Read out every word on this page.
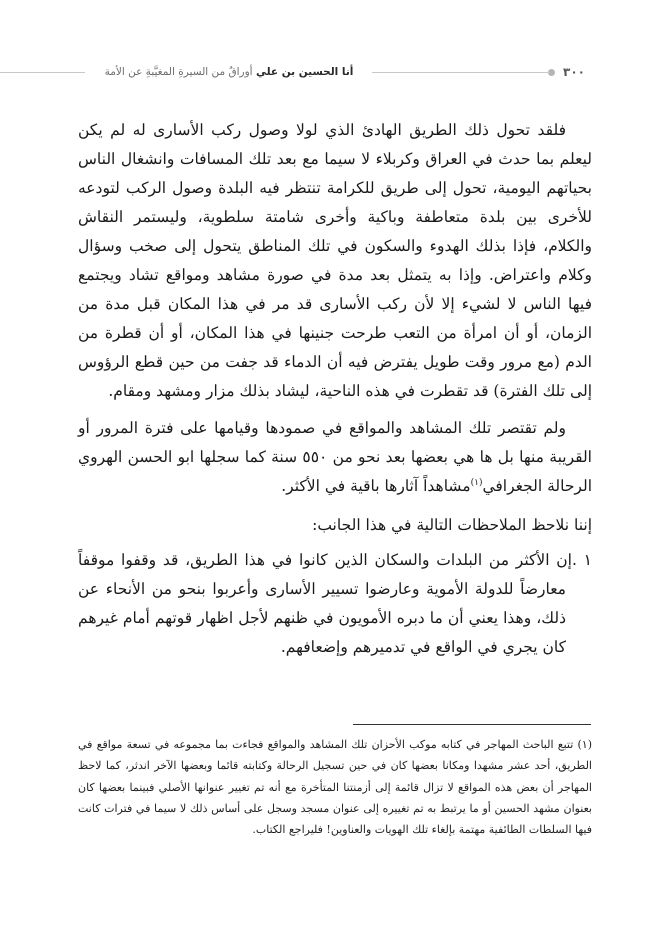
٣٠٠
أنا الحسين بن علي أوراقٌ من السيرةِ المغيَّبةِ عن الأمة

فلقد تحول ذلك الطريق الهادئ الذي لولا وصول ركب الأسارى له لم يكن ليعلم بما حدث في العراق وكربلاء لا سيما مع بعد تلك المسافات وانشغال الناس بحياتهم اليومية، تحول إلى طريق للكرامة تنتظر فيه البلدة وصول الركب لتودعه للأخرى بين بلدة متعاطفة وباكية وأخرى شامتة سلطوية، وليستمر النقاش والكلام، فإذا بذلك الهدوء والسكون في تلك المناطق يتحول إلى صخب وسؤال وكلام واعتراض. وإذا به يتمثل بعد مدة في صورة مشاهد ومواقع تشاد ويجتمع فيها الناس لا لشيء إلا لأن ركب الأسارى قد مر في هذا المكان قبل مدة من الزمان، أو أن امرأة من التعب طرحت جنينها في هذا المكان، أو أن قطرة من الدم (مع مرور وقت طويل يفترض فيه أن الدماء قد جفت من حين قطع الرؤوس إلى تلك الفترة) قد تقطرت في هذه الناحية، ليشاد بذلك مزار ومشهد ومقام.

ولم تقتصر تلك المشاهد والمواقع في صمودها وقيامها على فترة المرور أو القريبة منها بل ها هي بعضها بعد نحو من ٥٥٠ سنة كما سجلها ابو الحسن الهروي الرحالة الجغرافي$^{(١)}$مشاهداً آثارها باقية في الأكثر.

إننا نلاحظ الملاحظات التالية في هذا الجانب:

١ .إن الأكثر من البلدات والسكان الذين كانوا في هذا الطريق، قد وقفوا موقفاً معارضاً للدولة الأموية وعارضوا تسيير الأسارى وأعربوا بنحو من الأنحاء عن ذلك، وهذا يعني أن ما دبره الأمويون في ظنهم لأجل اظهار قوتهم أمام غيرهم كان يجري في الواقع في تدميرهم وإضعافهم.

(١) تتبع الباحث المهاجر في كتابه موكب الأحزان تلك المشاهد والمواقع فجاءت بما مجموعه في تسعة مواقع في الطريق، أحد عشر مشهدا ومكانا بعضها كان في حين تسجيل الرحالة وكتابته قائما وبعضها الآخر اندثر، كما لاحظ المهاجر أن بعض هذه المواقع لا تزال قائمة إلى أزمنتنا المتأخرة مع أنه تم تغيير عنوانها الأصلي فبينما بعضها كان بعنوان مشهد الحسين أو ما يرتبط به تم تغييره إلى عنوان مسجد وسجل على أساس ذلك لا سيما في فترات كانت فيها السلطات الطائفية مهتمة بإلغاء تلك الهويات والعناوين! فليراجع الكتاب.
